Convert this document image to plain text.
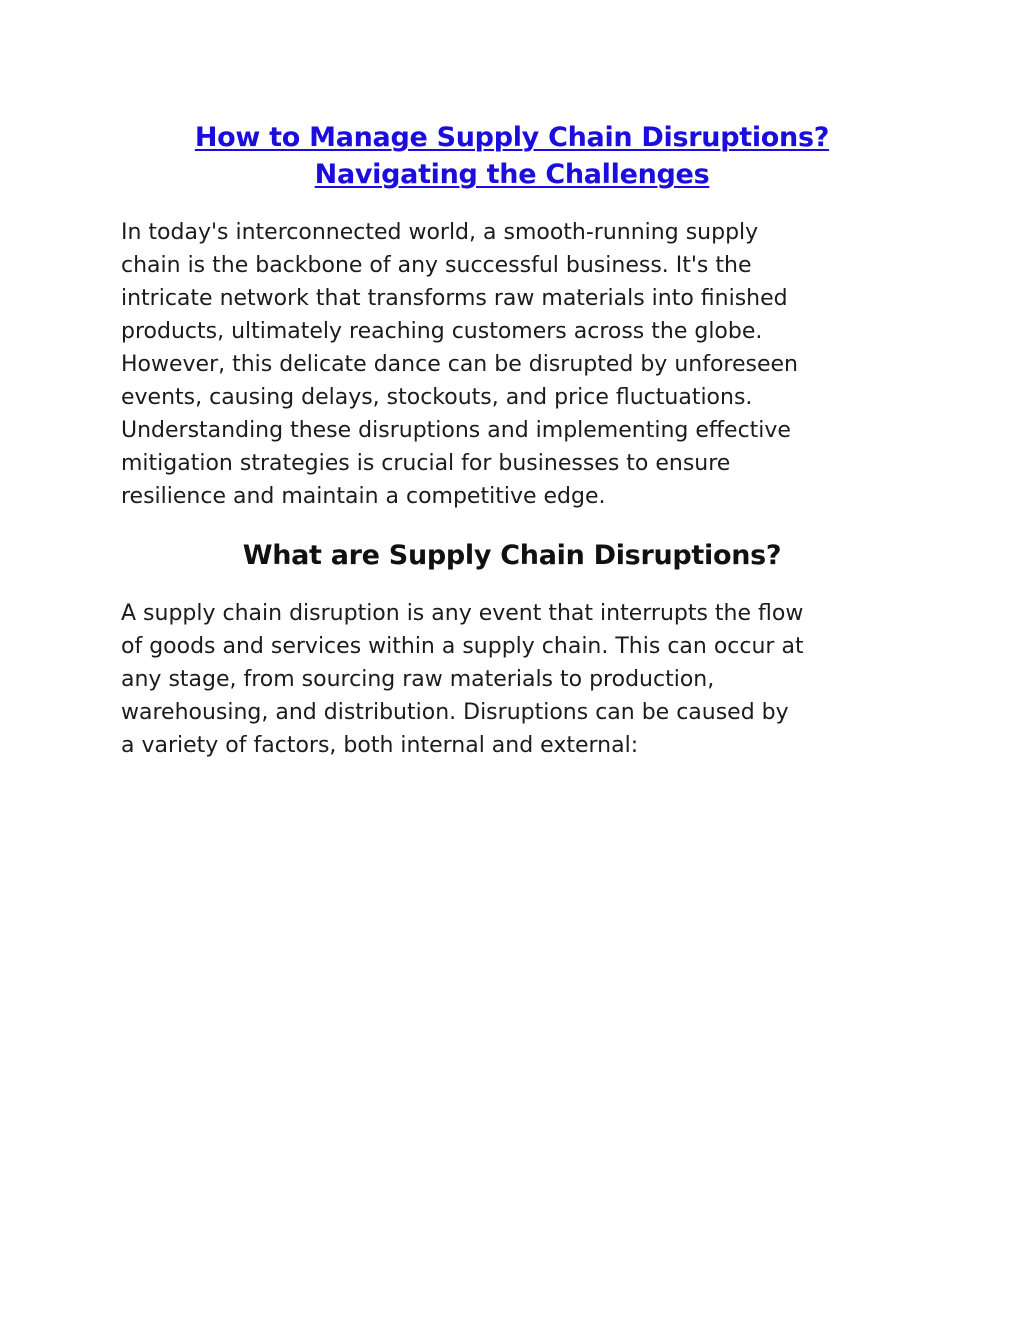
How to Manage Supply Chain Disruptions?
Navigating the Challenges

In today's interconnected world, a smooth-running supply
chain is the backbone of any successful business. It's the
intricate network that transforms raw materials into finished
products, ultimately reaching customers across the globe.
However, this delicate dance can be disrupted by unforeseen
events, causing delays, stockouts, and price fluctuations.
Understanding these disruptions and implementing effective
mitigation strategies is crucial for businesses to ensure
resilience and maintain a competitive edge.

What are Supply Chain Disruptions?

A supply chain disruption is any event that interrupts the flow
of goods and services within a supply chain. This can occur at
any stage, from sourcing raw materials to production,
warehousing, and distribution. Disruptions can be caused by
a variety of factors, both internal and external:
